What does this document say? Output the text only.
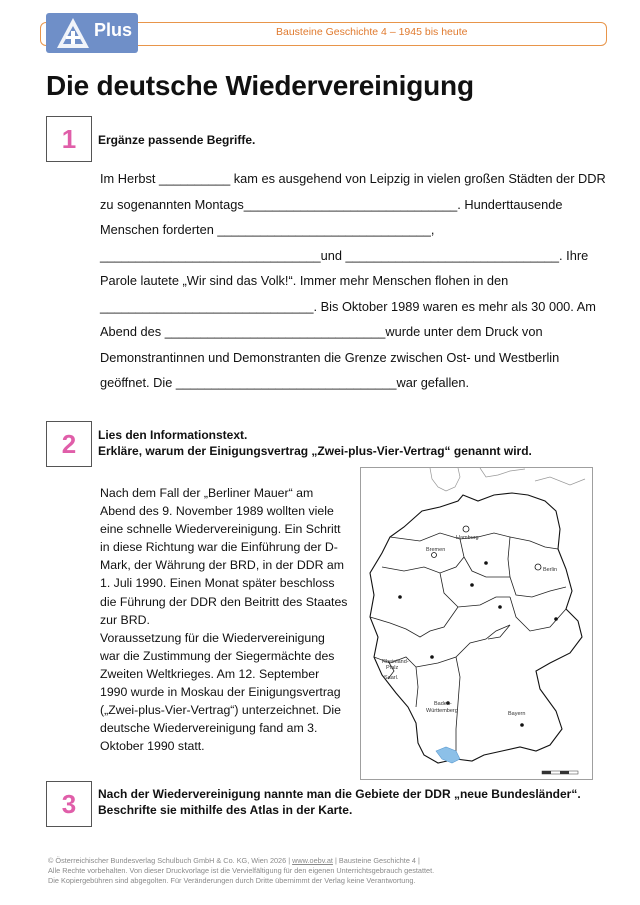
Bausteine Geschichte 4 – 1945 bis heute
Plus
Die deutsche Wiedervereinigung
1	Ergänze passende Begriffe.
Im Herbst __________ kam es ausgehend von Leipzig in vielen großen Städten der DDR
zu sogenannten Montags______________________________. Hunderttausende
Menschen forderten ______________________________,
_______________________________und ______________________________. Ihre
Parole lautete „Wir sind das Volk!“. Immer mehr Menschen flohen in den
______________________________. Bis Oktober 1989 waren es mehr als 30 000. Am
Abend des _______________________________wurde unter dem Druck von
Demonstrantinnen und Demonstranten die Grenze zwischen Ost- und Westberlin
geöffnet. Die _______________________________war gefallen.
2	Lies den Informationstext.
Erkläre, warum der Einigungsvertrag „Zwei-plus-Vier-Vertrag“ genannt wird.
Nach dem Fall der „Berliner Mauer“ am
Abend des 9. November 1989 wollten viele
eine schnelle Wiedervereinigung. Ein Schritt
in diese Richtung war die Einführung der D-
Mark, der Währung der BRD, in der DDR am
1. Juli 1990. Einen Monat später beschloss
die Führung der DDR den Beitritt des Staates
zur BRD.
Voraussetzung für die Wiedervereinigung
war die Zustimmung der Siegermächte des
Zweiten Weltkrieges. Am 12. September
1990 wurde in Moskau der Einigungsvertrag
(„Zwei-plus-Vier-Vertrag“) unterzeichnet. Die
deutsche Wiedervereinigung fand am 3.
Oktober 1990 statt.
Hamburg
Bremen
Berlin
Rheinland-
Pfalz
Saarl.
Baden-
Württemberg	Bayern
3	Nach der Wiedervereinigung nannte man die Gebiete der DDR „neue Bundesländer“.
Beschrifte sie mithilfe des Atlas in der Karte.
© Österreichischer Bundesverlag Schulbuch GmbH & Co. KG, Wien 2026 | www.oebv.at | Bausteine Geschichte 4 |
Alle Rechte vorbehalten. Von dieser Druckvorlage ist die Vervielfältigung für den eigenen Unterrichtsgebrauch gestattet.
Die Kopiergebühren sind abgegolten. Für Veränderungen durch Dritte übernimmt der Verlag keine Verantwortung.
